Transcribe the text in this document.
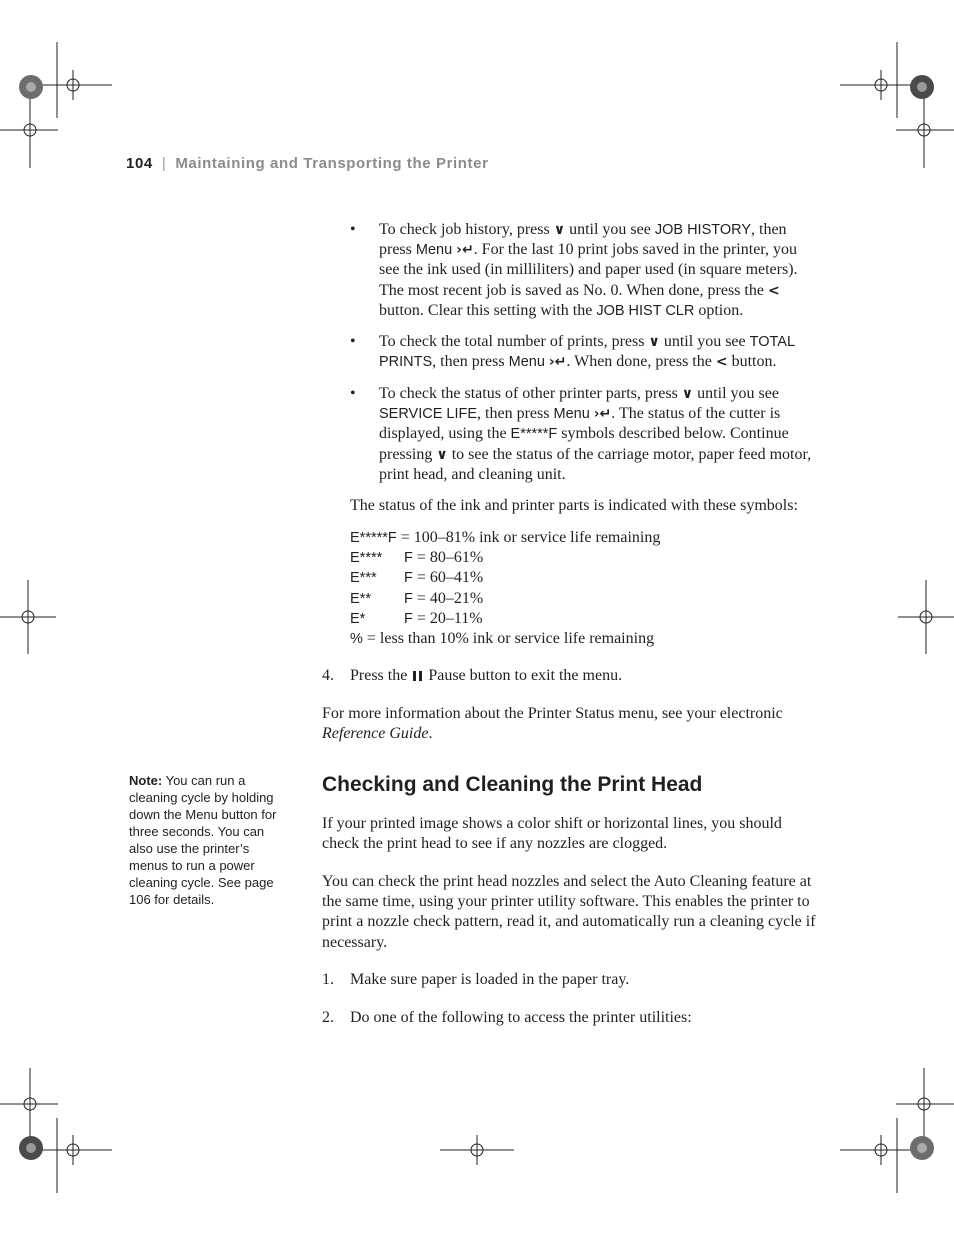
104 | Maintaining and Transporting the Printer
• To check job history, press ∨ until you see JOB HISTORY, then
press Menu ›↵. For the last 10 print jobs saved in the printer, you
see the ink used (in milliliters) and paper used (in square meters).
The most recent job is saved as No. 0. When done, press the <
button. Clear this setting with the JOB HIST CLR option.
• To check the total number of prints, press ∨ until you see TOTAL
PRINTS, then press Menu ›↵. When done, press the < button.
• To check the status of other printer parts, press ∨ until you see
SERVICE LIFE, then press Menu ›↵. The status of the cutter is
displayed, using the E*****F symbols described below. Continue
pressing ∨ to see the status of the carriage motor, paper feed motor,
print head, and cleaning unit.
The status of the ink and printer parts is indicated with these symbols:
E*****F = 100–81% ink or service life remaining
E**** F = 80–61%
E*** F = 60–41%
E** F = 40–21%
E*	F = 20–11%
% = less than 10% ink or service life remaining
4. Press the  Pause button to exit the menu.
For more information about the Printer Status menu, see your electronic
Reference Guide.
Note: You can run a cleaning cycle by holding down the Menu button for three seconds. You can also use the printer’s menus to run a power cleaning cycle. See page 106 for details.
Checking and Cleaning the Print Head
If your printed image shows a color shift or horizontal lines, you should
check the print head to see if any nozzles are clogged.
You can check the print head nozzles and select the Auto Cleaning feature at
the same time, using your printer utility software. This enables the printer to
print a nozzle check pattern, read it, and automatically run a cleaning cycle if
necessary.
1. Make sure paper is loaded in the paper tray.
2. Do one of the following to access the printer utilities:
